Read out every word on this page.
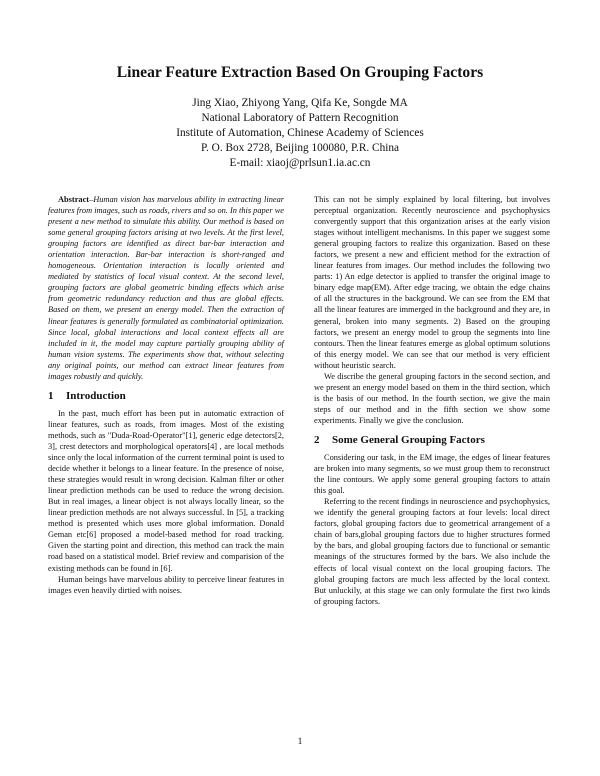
Linear Feature Extraction Based On Grouping Factors
Jing Xiao, Zhiyong Yang, Qifa Ke, Songde MA
National Laboratory of Pattern Recognition
Institute of Automation, Chinese Academy of Sciences
P. O. Box 2728, Beijing 100080, P.R. China
E-mail: xiaoj@prlsun1.ia.ac.cn

Abstract–Human vision has marvelous ability in extracting linear features from images, such as roads, rivers and so on. In this paper we present a new method to simulate this ability. Our method is based on some general grouping factors arising at two levels. At the first level, grouping factors are identified as direct bar-bar interaction and orientation interaction. Bar-bar interaction is short-ranged and homogeneous. Orientation interaction is locally oriented and mediated by statistics of local visual context. At the second level, grouping factors are global geometric binding effects which arise from geometric redundancy reduction and thus are global effects. Based on them, we present an energy model. Then the extraction of linear features is generally formulated as combinatorial optimization. Since local, global interactions and local context effects all are included in it, the model may capture partially grouping ability of human vision systems. The experiments show that, without selecting any original points, our method can extract linear features from images robustly and quickly.

1 Introduction

In the past, much effort has been put in automatic extraction of linear features, such as roads, from images. Most of the existing methods, such as "Duda-Road-Operator"[1], generic edge detectors[2, 3], crest detectors and morphological operators[4] , are local methods since only the local information of the current terminal point is used to decide whether it belongs to a linear feature. In the presence of noise, these strategies would result in wrong decision. Kalman filter or other linear prediction methods can be used to reduce the wrong decision. But in real images, a linear object is not always locally linear, so the linear prediction methods are not always successful. In [5], a tracking method is presented which uses more global imformation. Donald Geman etc[6] proposed a model-based method for road tracking. Given the starting point and direction, this method can track the main road based on a statistical model. Brief review and comparision of the existing methods can be found in [6].

Human beings have marvelous ability to perceive linear features in images even heavily dirtied with noises.

This can not be simply explained by local filtering, but involves perceptual organization. Recently neuroscience and psychophysics convergently support that this organization arises at the early vision stages without intelligent mechanisms. In this paper we suggest some general grouping factors to realize this organization. Based on these factors, we present a new and efficient method for the extraction of linear features from images. Our method includes the following two parts: 1) An edge detector is applied to transfer the original image to binary edge map(EM). After edge tracing, we obtain the edge chains of all the structures in the background. We can see from the EM that all the linear features are immerged in the background and they are, in general, broken into many segments. 2) Based on the grouping factors, we present an energy model to group the segments into line contours. Then the linear features emerge as global optimum solutions of this energy model. We can see that our method is very efficient without heuristic search.

We discribe the general grouping factors in the second section, and we present an energy model based on them in the third section, which is the basis of our method. In the fourth section, we give the main steps of our method and in the fifth section we show some experiments. Finally we give the conclusion.

2 Some General Grouping Factors

Considering our task, in the EM image, the edges of linear features are broken into many segments, so we must group them to reconstruct the line contours. We apply some general grouping factors to attain this goal.

Referring to the recent findings in neuroscience and psychophysics, we identify the general grouping factors at four levels: local direct factors, global grouping factors due to geometrical arrangement of a chain of bars,global grouping factors due to higher structures formed by the bars, and global grouping factors due to functional or semantic meanings of the structures formed by the bars. We also include the effects of local visual context on the local grouping factors. The global grouping factors are much less affected by the local context. But unluckily, at this stage we can only formulate the first two kinds of grouping factors.

1
